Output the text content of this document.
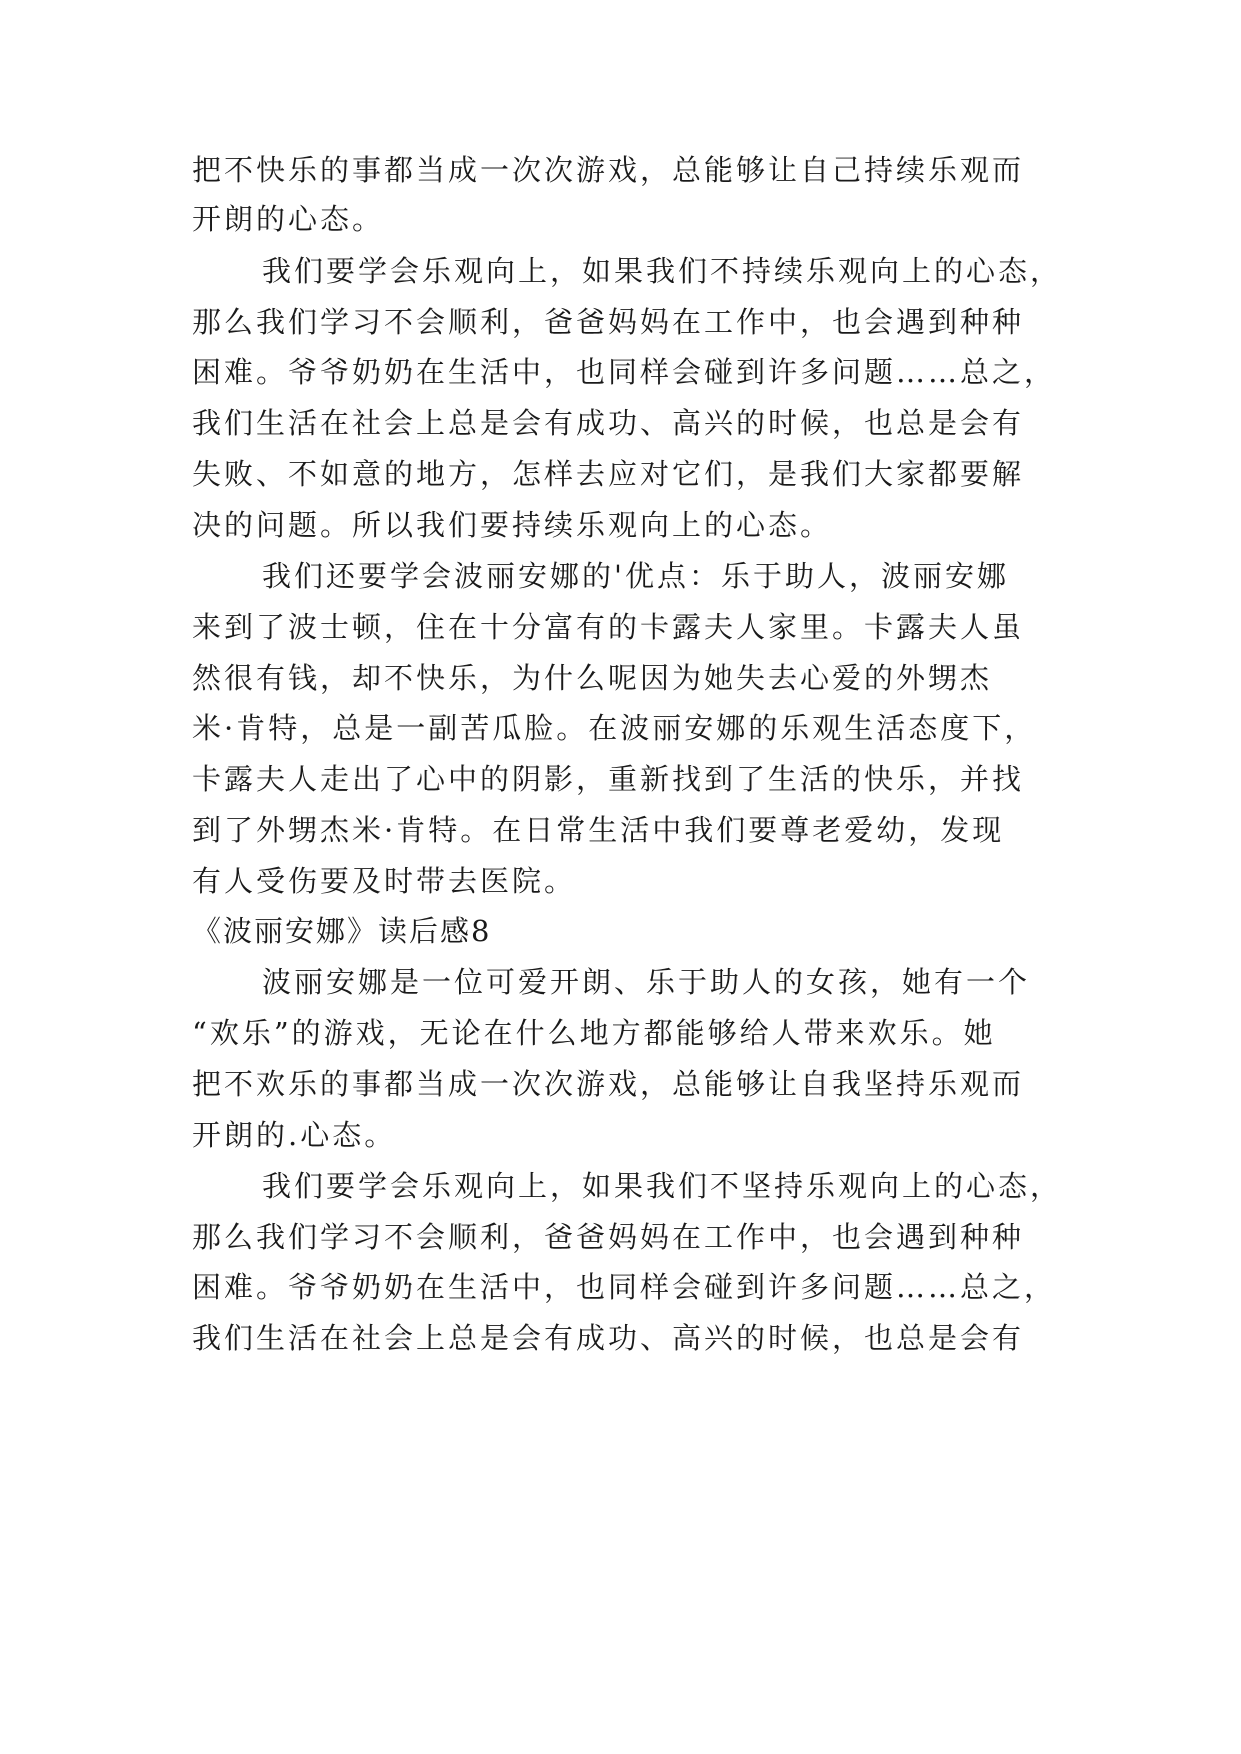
把不快乐的事都当成一次次游戏，总能够让自己持续乐观而
开朗的心态。
我们要学会乐观向上，如果我们不持续乐观向上的心态，
那么我们学习不会顺利，爸爸妈妈在工作中，也会遇到种种
困难。爷爷奶奶在生活中，也同样会碰到许多问题……总之，
我们生活在社会上总是会有成功、高兴的时候，也总是会有
失败、不如意的地方，怎样去应对它们，是我们大家都要解
决的问题。所以我们要持续乐观向上的心态。
我们还要学会波丽安娜的'优点：乐于助人，波丽安娜
来到了波士顿，住在十分富有的卡露夫人家里。卡露夫人虽
然很有钱，却不快乐，为什么呢因为她失去心爱的外甥杰
米·肯特，总是一副苦瓜脸。在波丽安娜的乐观生活态度下，
卡露夫人走出了心中的阴影，重新找到了生活的快乐，并找
到了外甥杰米·肯特。在日常生活中我们要尊老爱幼，发现
有人受伤要及时带去医院。
《波丽安娜》读后感8
波丽安娜是一位可爱开朗、乐于助人的女孩，她有一个
“欢乐”的游戏，无论在什么地方都能够给人带来欢乐。她
把不欢乐的事都当成一次次游戏，总能够让自我坚持乐观而
开朗的.心态。
我们要学会乐观向上，如果我们不坚持乐观向上的心态，
那么我们学习不会顺利，爸爸妈妈在工作中，也会遇到种种
困难。爷爷奶奶在生活中，也同样会碰到许多问题……总之，
我们生活在社会上总是会有成功、高兴的时候，也总是会有
